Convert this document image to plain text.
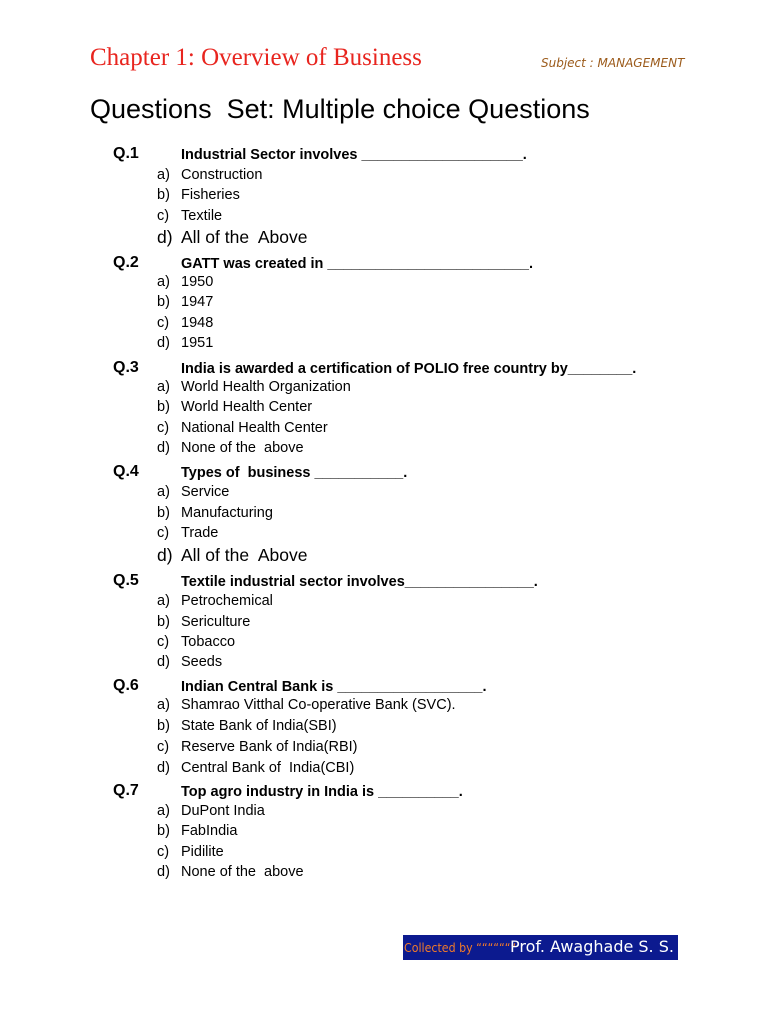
Chapter 1: Overview of Business	Subject : MANAGEMENT
Questions  Set: Multiple choice Questions
Q.1	Industrial Sector involves ____________________.
a) Construction
b) Fisheries
c) Textile
d) All of the  Above
Q.2	GATT was created in _________________________.
a) 1950
b) 1947
c) 1948
d) 1951
Q.3	India is awarded a certification of POLIO free country by________.
a) World Health Organization
b) World Health Center
c) National Health Center
d) None of the  above
Q.4	Types of  business ___________.
a) Service
b) Manufacturing
c) Trade
d) All of the  Above
Q.5	Textile industrial sector involves________________.
a) Petrochemical
b) Sericulture
c) Tobacco
d) Seeds
Q.6	Indian Central Bank is __________________.
a) Shamrao Vitthal Co-operative Bank (SVC).
b) State Bank of India(SBI)
c) Reserve Bank of India(RBI)
d) Central Bank of  India(CBI)
Q.7	Top agro industry in India is __________.
a) DuPont India
b) FabIndia
c) Pidilite
d) None of the  above
Collected by “““““““
Prof. Awaghade S. S.
